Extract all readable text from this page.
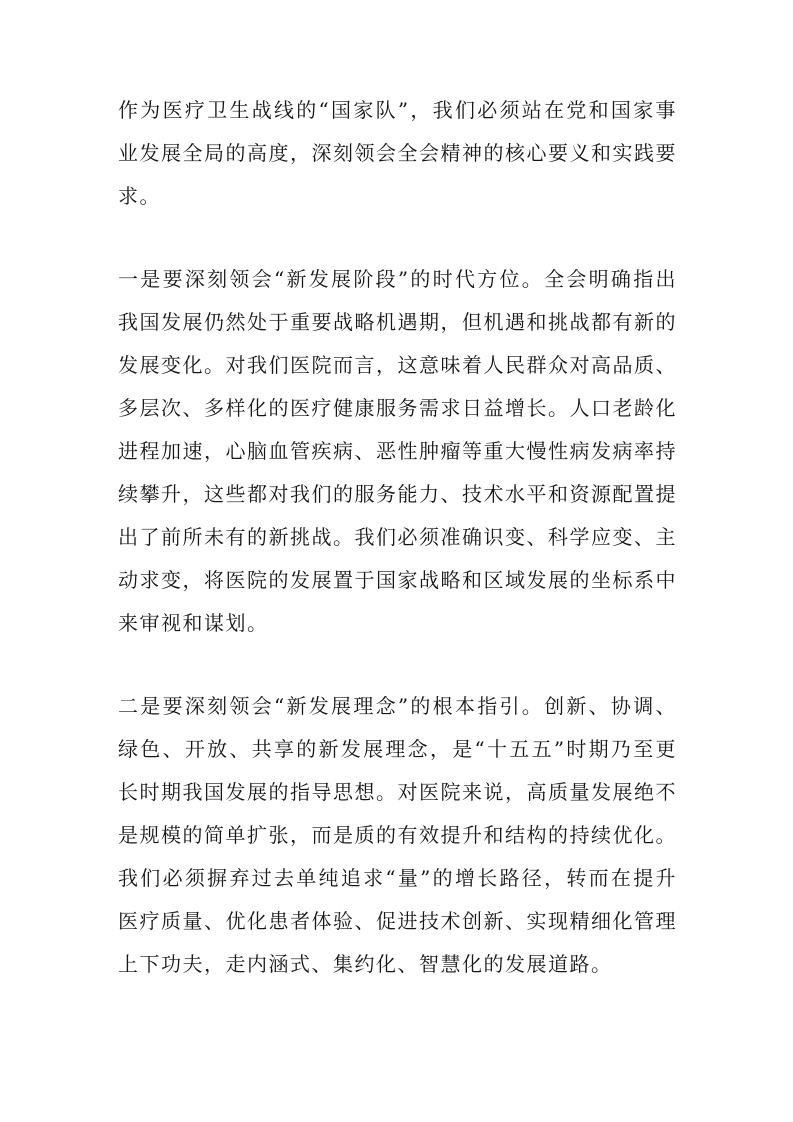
作为医疗卫生战线的“国家队”，我们必须站在党和国家事业发展全局的高度，深刻领会全会精神的核心要义和实践要求。

一是要深刻领会“新发展阶段”的时代方位。全会明确指出我国发展仍然处于重要战略机遇期，但机遇和挑战都有新的发展变化。对我们医院而言，这意味着人民群众对高品质、多层次、多样化的医疗健康服务需求日益增长。人口老龄化进程加速，心脑血管疾病、恶性肿瘤等重大慢性病发病率持续攀升，这些都对我们的服务能力、技术水平和资源配置提出了前所未有的新挑战。我们必须准确识变、科学应变、主动求变，将医院的发展置于国家战略和区域发展的坐标系中来审视和谋划。

二是要深刻领会“新发展理念”的根本指引。创新、协调、绿色、开放、共享的新发展理念，是“十五五”时期乃至更长时期我国发展的指导思想。对医院来说，高质量发展绝不是规模的简单扩张，而是质的有效提升和结构的持续优化。我们必须摒弃过去单纯追求“量”的增长路径，转而在提升医疗质量、优化患者体验、促进技术创新、实现精细化管理上下功夫，走内涵式、集约化、智慧化的发展道路。
